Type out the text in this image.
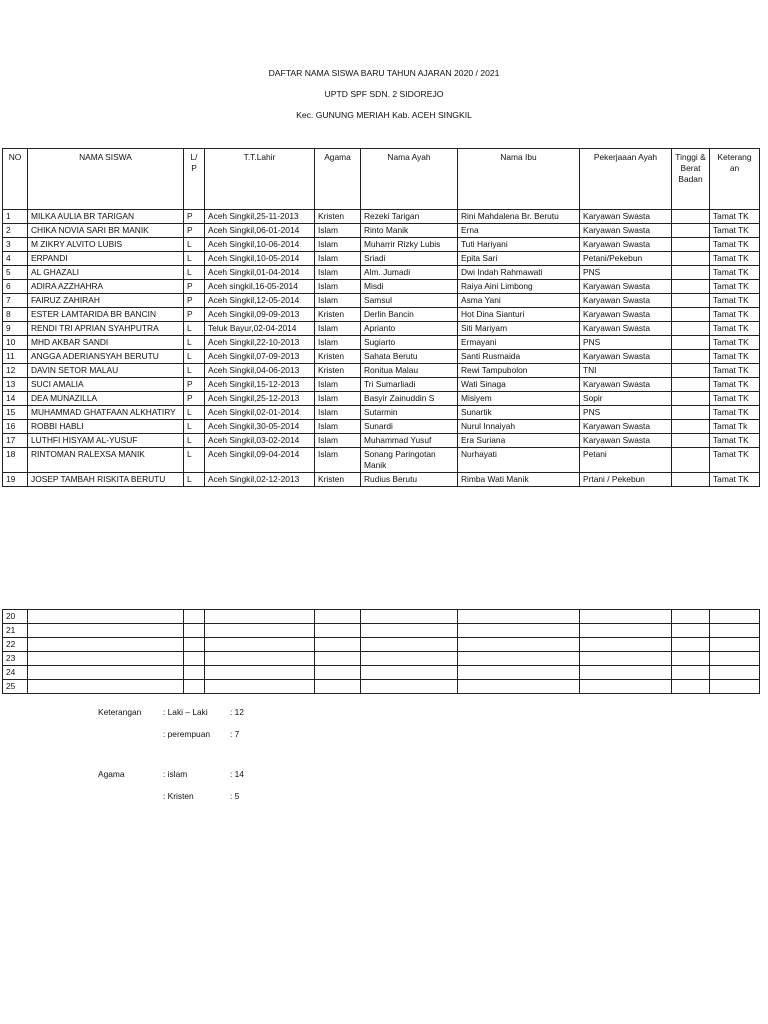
DAFTAR NAMA SISWA BARU TAHUN AJARAN 2020 / 2021
UPTD SPF SDN. 2 SIDOREJO
Kec. GUNUNG MERIAH Kab. ACEH SINGKIL
NO	NAMA SISWA	L/ P	T.T.Lahir	Agama	Nama Ayah	Nama Ibu	Pekerjaaan Ayah	Tinggi & Berat Badan	Keterang an
1	MILKA AULIA BR TARIGAN	P	Aceh Singkil,25-11-2013	Kristen	Rezeki Tarigan	Rini Mahdalena Br. Berutu	Karyawan Swasta		Tamat TK
2	CHIKA NOVIA SARI BR MANIK	P	Aceh Singkil,06-01-2014	Islam	Rinto Manik	Erna	Karyawan Swasta		Tamat TK
3	M ZIKRY ALVITO LUBIS	L	Aceh Singkil,10-06-2014	Islam	Muharrir Rizky Lubis	Tuti Hariyani	Karyawan Swasta		Tamat TK
4	ERPANDI	L	Aceh Singkil,10-05-2014	Islam	Sriadi	Epita Sari	Petani/Pekebun		Tamat TK
5	AL GHAZALI	L	Aceh Singkil,01-04-2014	Islam	Alm. Jumadi	Dwi Indah Rahmawati	PNS		Tamat TK
6	ADIRA AZZHAHRA	P	Aceh singkil,16-05-2014	Islam	Misdi	Raiya Aini Limbong	Karyawan Swasta		Tamat TK
7	FAIRUZ ZAHIRAH	P	Aceh Singkil,12-05-2014	Islam	Samsul	Asma Yani	Karyawan Swasta		Tamat TK
8	ESTER LAMTARIDA BR BANCIN	P	Aceh Singkil,09-09-2013	Kristen	Derlin Bancin	Hot Dina Sianturi	Karyawan Swasta		Tamat TK
9	RENDI TRI APRIAN SYAHPUTRA	L	Teluk Bayur,02-04-2014	Islam	Aprianto	Siti Mariyam	Karyawan Swasta		Tamat TK
10	MHD AKBAR SANDI	L	Aceh Singkil,22-10-2013	Islam	Sugiarto	Ermayani	PNS		Tamat TK
11	ANGGA ADERIANSYAH BERUTU	L	Aceh Singkil,07-09-2013	Kristen	Sahata Berutu	Santi Rusmaida	Karyawan Swasta		Tamat TK
12	DAVIN SETOR MALAU	L	Aceh Singkil,04-06-2013	Kristen	Ronitua Malau	Rewi Tampubolon	TNI		Tamat TK
13	SUCI AMALIA	P	Aceh Singkil,15-12-2013	Islam	Tri Sumarliadi	Wati Sinaga	Karyawan Swasta		Tamat TK
14	DEA MUNAZILLA	P	Aceh Singkil,25-12-2013	Islam	Basyir Zainuddin S	Misiyem	Sopir		Tamat TK
15	MUHAMMAD GHATFAAN ALKHATIRY	L	Aceh Singkil,02-01-2014	Islam	Sutarmin	Sunartik	PNS		Tamat TK
16	ROBBI HABLI	L	Aceh Singkil,30-05-2014	Islam	Sunardi	Nurul Innaiyah	Karyawan Swasta		Tamat Tk
17	LUTHFI HISYAM AL-YUSUF	L	Aceh Singkil,03-02-2014	Islam	Muhammad Yusuf	Era Suriana	Karyawan Swasta		Tamat TK
18	RINTOMAN RALEXSA MANIK	L	Aceh Singkil,09-04-2014	Islam	Sonang Paringotan Manik	Nurhayati	Petani		Tamat TK
19	JOSEP TAMBAH RISKITA BERUTU	L	Aceh Singkil,02-12-2013	Kristen	Rudius Berutu	Rimba Wati Manik	Prtani / Pekebun		Tamat TK
20									
21									
22									
23									
24									
25									
Keterangan	: Laki – Laki	: 12
: perempuan : 7
Agama	: islam	: 14
: Kristen	: 5
